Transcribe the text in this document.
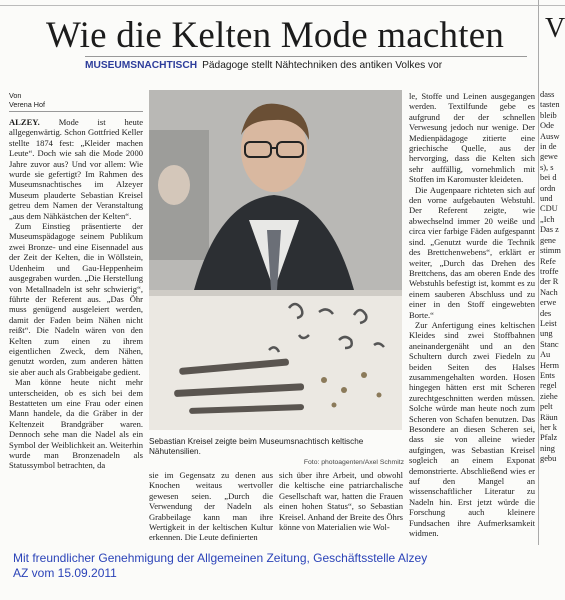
Wie die Kelten Mode machten V
MUSEUMSNACHTISCH Pädagoge stellt Nähtechniken des antiken Volkes vor
Von
Verena Hof

ALZEY. Mode ist heute allgegenwärtig. Schon Gottfried Keller stellte 1874 fest: „Kleider machen Leute“. Doch wie sah die Mode 2000 Jahre zuvor aus? Und vor allem: Wie wurde sie gefertigt? Im Rahmen des Museumsnachtisches im Alzeyer Museum plauderte Sebastian Kreisel getreu dem Namen der Veranstaltung „aus dem Nähkästchen der Kelten“.

Zum Einstieg präsentierte der Museumspädagoge seinem Publikum zwei Bronze- und eine Eisennadel aus der Zeit der Kelten, die in Wöllstein, Udenheim und Gau-Heppenheim ausgegraben wurden. „Die Herstellung von Metallnadeln ist sehr schwierig“, führte der Referent aus. „Das Öhr muss genügend ausgeleiert werden, damit der Faden beim Nähen nicht reißt“. Die Nadeln wären von den Kelten zum einen zu ihrem eigentlichen Zweck, dem Nähen, genutzt worden, zum anderen hätten sie aber auch als Grabbeigabe gedient.

Man könne heute nicht mehr unterscheiden, ob es sich bei dem Bestatteten um eine Frau oder einen Mann handele, da die Gräber in der Keltenzeit Brandgräber waren. Dennoch sehe man die Nadel als ein Symbol der Weiblichkeit an. Weiterhin wurde man Bronzenadeln als Statussymbol betrachten, da

Sebastian Kreisel zeigte beim Museumsnachtisch keltische Nähutensilien.
Foto: photoagenten/Axel Schmitz

sie im Gegensatz zu denen aus Knochen weitaus wertvoller gewesen seien. „Durch die Verwendung der Nadeln als Grabbeilage kann man ihre Wertigkeit in der keltischen Kultur erkennen. Die Leute definierten

sich über ihre Arbeit, und obwohl die keltische eine patriarchalische Gesellschaft war, hatten die Frauen einen hohen Status“, so Sebastian Kreisel. Anhand der Breite des Öhrs könne von Materialien wie Wol-

le, Stoffe und Leinen ausgegangen werden. Textilfunde gebe es aufgrund der der schnellen Verwesung jedoch nur wenige. Der Medienpädagoge zitierte eine griechische Quelle, aus der hervorging, dass die Kelten sich sehr auffällig, vornehmlich mit Stoffen im Karomuster kleideten.

Die Augenpaare richteten sich auf den vorne aufgebauten Webstuhl. Der Referent zeigte, wie abwechselnd immer 20 weiße und circa vier farbige Fäden aufgespannt sind. „Genutzt wurde die Technik des Brettchenwebens“, erklärt er weiter, „Durch das Drehen des Brettchens, das am oberen Ende des Webstuhls befestigt ist, kommt es zu einem sauberen Abschluss und zu einer in den Stoff eingewebten Borte.“

Zur Anfertigung eines keltischen Kleides sind zwei Stoffbahnen aneinandergenäht und an den Schultern durch zwei Fiedeln zu beiden Seiten des Halses zusammengehalten worden. Hosen hingegen hätten erst mit Scheren zurechtgeschnitten werden müssen. Solche würde man heute noch zum Scheren von Schafen benutzen. Das Besondere an diesen Scheren sei, dass sie von alleine wieder aufgingen, was Sebastian Kreisel sogleich an einem Exponat demonstrierte. Abschließend wies er auf den Mangel an wissenschaftlicher Literatur zu Nadeln hin. Erst jetzt würde die Forschung auch kleinere Fundsachen ihre Aufmerksamkeit widmen.

dass
tasten
bleib
Ode
Ausw
in de
gewe
s), s
bei d
ordn
und
CDU
„Ich
Das z
gene
stimm
Refe
troffe
der R
Nach
erwe
des
Leist
ung
Stanc
Au
Herm
Ents
regel
ziehe
pelt
Räun
her k
Pfalz
ning
gebu
Mit freundlicher Genehmigung der Allgemeinen Zeitung, Geschäftsstelle Alzey
AZ vom 15.09.2011
